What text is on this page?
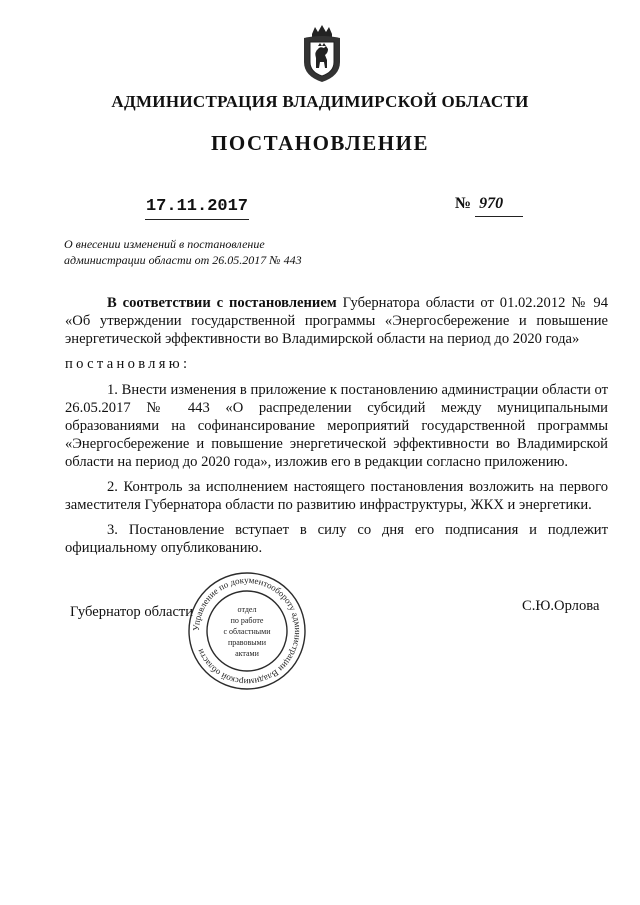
АДМИНИСТРАЦИЯ ВЛАДИМИРСКОЙ ОБЛАСТИ
ПОСТАНОВЛЕНИЕ
17.11.2017	№ 970
О внесении изменений в постановление
администрации области от 26.05.2017 № 443

В соответствии с постановлением Губернатора области от 01.02.2012 № 94 «Об утверждении государственной программы «Энергосбережение и повышение энергетической эффективности во Владимирской области на период до 2020 года»

постановляю:

1. Внести изменения в приложение к постановлению администрации области от 26.05.2017 № 443 «О распределении субсидий между муниципальными образованиями на софинансирование мероприятий государственной программы «Энергосбережение и повышение энергетической эффективности во Владимирской области на период до 2020 года», изложив его в редакции согласно приложению.

2. Контроль за исполнением настоящего постановления возложить на первого заместителя Губернатора области по развитию инфраструктуры, ЖКХ и энергетики.

3. Постановление вступает в силу со дня его подписания и подлежит официальному опубликованию.

Губернатор области	С.Ю.Орлова
Управление по документообороту администрации Владимирской области
отдел
по работе
с областными
правовыми
актами
